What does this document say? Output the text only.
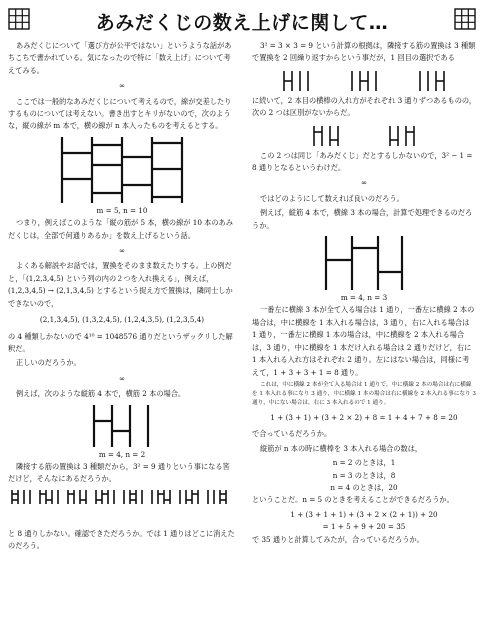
あみだくじの数え上げに関して…

あみだくじについて「選び方が公平ではない」というような話があちこちで書かれている。気になったので特に「数え上げ」について考えてみる。

∞

ここでは一般的なあみだくじについて考えるので，線が交差したりするものについては考えない。書き出すとキリがないので，次のような，縦の線が m 本で，横の線が n 本入ったものを考えるとする。

m = 5, n = 10

つまり，例えばこのような「縦の筋が 5 本，横の線が 10 本のあみだくじは，全部で何通りあるか」を数え上げるという話。

∞

よくある解説やお話では，置換をそのまま数えたりする。上の例だと，「(1,2,3,4,5) という列の内の２つを入れ換える」，例えば，(1,2,3,4,5) → (2,1,3,4,5) とするという捉え方で置換は，隣同士しかできないので，

(2,1,3,4,5), (1,3,2,4,5), (1,2,4,3,5), (1,2,3,5,4)

の 4 種類しかないので 4¹⁰ = 1048576 通りだというザックリした解釈だ。

正しいのだろうか。

∞

例えば，次のような縦筋 4 本で，横筋 2 本の場合。

m = 4, n = 2

隣接する筋の置換は 3 種類だから，3² = 9 通りという事になる筈だけど，そんなにあるだろうか。

と 8 通りしかない。確認できただろうか。では 1 通りはどこに消えたのだろう。

3² = 3 × 3 = 9 という計算の根拠は，隣接する筋の置換は 3 種類で置換を 2 回繰り返すからという事だが，1 回目の選択である

に続いて，2 本目の横棒の入れ方がそれぞれ 3 通りずつあるものの，次の 2 つは区別がないからだ。

この 2 つは同じ「あみだくじ」だとするしかないので，3² − 1 = 8 通りとなるというわけだ。

∞

ではどのようにして数えれば良いのだろう。

例えば，縦筋 4 本で，横線 3 本の場合，計算で処理できるのだろうか。

m = 4, n = 3

一番左に横線 3 本が全て入る場合は 1 通り，一番左に横線 2 本の場合は，中に横線を 1 本入れる場合は，3 通り，右に入れる場合は 1 通り，一番左に横線 1 本の場合は，中に横線を 2 本入れる場合は，3 通り，中に横線を 1 本だけ入れる場合は 2 通りだけど，右に 1 本入れる入れ方はそれぞれ 2 通り。左にはない場合は，同様に考えて，1 + 3 + 3 + 1 = 8 通り。

これは，中に横線 2 本が全て入る場合は 1 通りで，中に横線 2 本の場合は右に横線を 1 本入れる事になり 3 通り，中に横線 1 本の場合は右に横線を 2 本入れる事になり 3 通り，中にない場合は，右に 3 本入れるので 1 通り。

1 + (3 + 1) + (3 + 2 × 2) + 8 = 1 + 4 + 7 + 8 = 20

で合っているだろうか。

縦筋が n 本の時に横棒を 3 本入れる場合の数は，

n = 2 のときは，1
n = 3 のときは，8
n = 4 のときは，20

ということだ。n = 5 のときを考えることができるだろうか。

1 + (3 + 1 + 1) + (3 + 2 × (2 + 1)) + 20
= 1 + 5 + 9 + 20 = 35

で 35 通りと計算してみたが，合っているだろうか。
